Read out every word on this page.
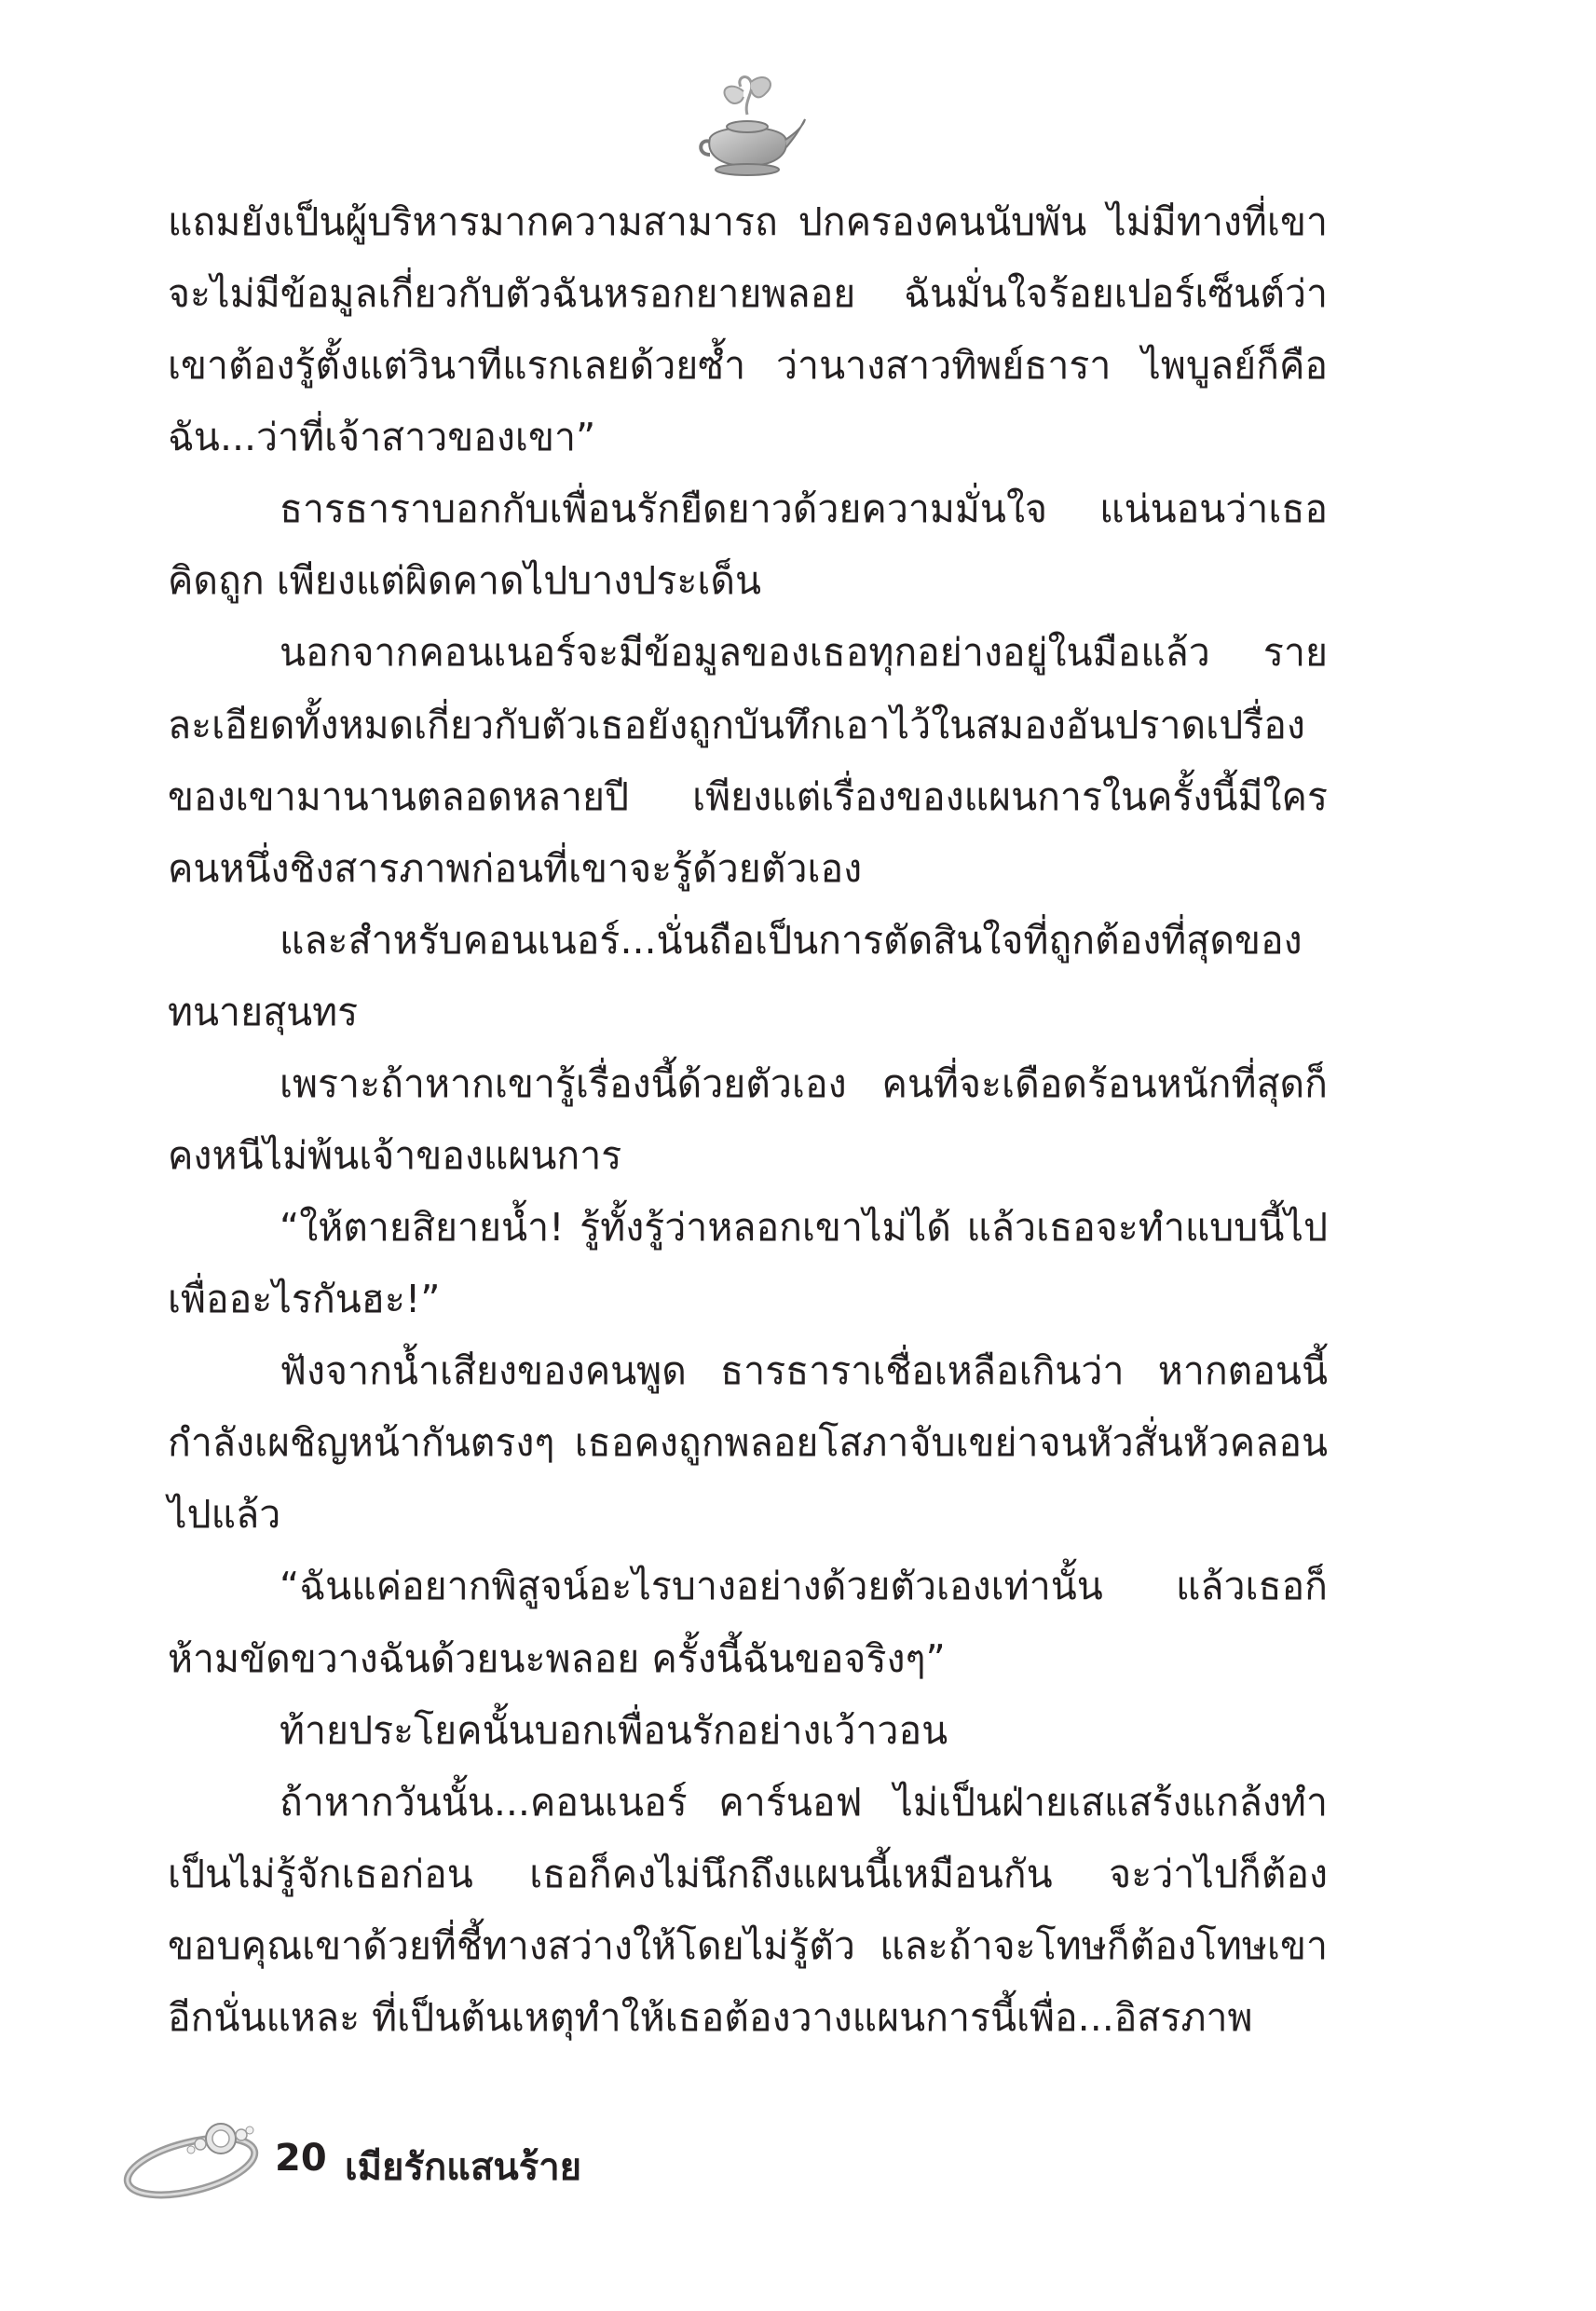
แถมยังเป็นผู้บริหารมากความสามารถ ปกครองคนนับพัน ไม่มีทางที่เขาจะไม่มีข้อมูลเกี่ยวกับตัวฉันหรอกยายพลอย ฉันมั่นใจร้อยเปอร์เซ็นต์ว่าเขาต้องรู้ตั้งแต่วินาทีแรกเลยด้วยซ้ำ ว่านางสาวทิพย์ธารา ไพบูลย์ก็คือฉัน...ว่าที่เจ้าสาวของเขา”

ธารธาราบอกกับเพื่อนรักยืดยาวด้วยความมั่นใจ แน่นอนว่าเธอคิดถูก เพียงแต่ผิดคาดไปบางประเด็น

นอกจากคอนเนอร์จะมีข้อมูลของเธอทุกอย่างอยู่ในมือแล้ว รายละเอียดทั้งหมดเกี่ยวกับตัวเธอยังถูกบันทึกเอาไว้ในสมองอันปราดเปรื่องของเขามานานตลอดหลายปี เพียงแต่เรื่องของแผนการในครั้งนี้มีใครคนหนึ่งชิงสารภาพก่อนที่เขาจะรู้ด้วยตัวเอง

และสำหรับคอนเนอร์...นั่นถือเป็นการตัดสินใจที่ถูกต้องที่สุดของทนายสุนทร

เพราะถ้าหากเขารู้เรื่องนี้ด้วยตัวเอง คนที่จะเดือดร้อนหนักที่สุดก็คงหนีไม่พ้นเจ้าของแผนการ

“ให้ตายสิยายน้ำ! รู้ทั้งรู้ว่าหลอกเขาไม่ได้ แล้วเธอจะทำแบบนี้ไปเพื่ออะไรกันฮะ!”

ฟังจากน้ำเสียงของคนพูด ธารธาราเชื่อเหลือเกินว่า หากตอนนี้กำลังเผชิญหน้ากันตรงๆ เธอคงถูกพลอยโสภาจับเขย่าจนหัวสั่นหัวคลอนไปแล้ว

“ฉันแค่อยากพิสูจน์อะไรบางอย่างด้วยตัวเองเท่านั้น แล้วเธอก็ห้ามขัดขวางฉันด้วยนะพลอย ครั้งนี้ฉันขอจริงๆ”

ท้ายประโยคนั้นบอกเพื่อนรักอย่างเว้าวอน

ถ้าหากวันนั้น...คอนเนอร์ คาร์นอฟ ไม่เป็นฝ่ายเสแสร้งแกล้งทำเป็นไม่รู้จักเธอก่อน เธอก็คงไม่นึกถึงแผนนี้เหมือนกัน จะว่าไปก็ต้องขอบคุณเขาด้วยที่ชี้ทางสว่างให้โดยไม่รู้ตัว และถ้าจะโทษก็ต้องโทษเขาอีกนั่นแหละ ที่เป็นต้นเหตุทำให้เธอต้องวางแผนการนี้เพื่อ...อิสรภาพ

20 เมียรักแสนร้าย
